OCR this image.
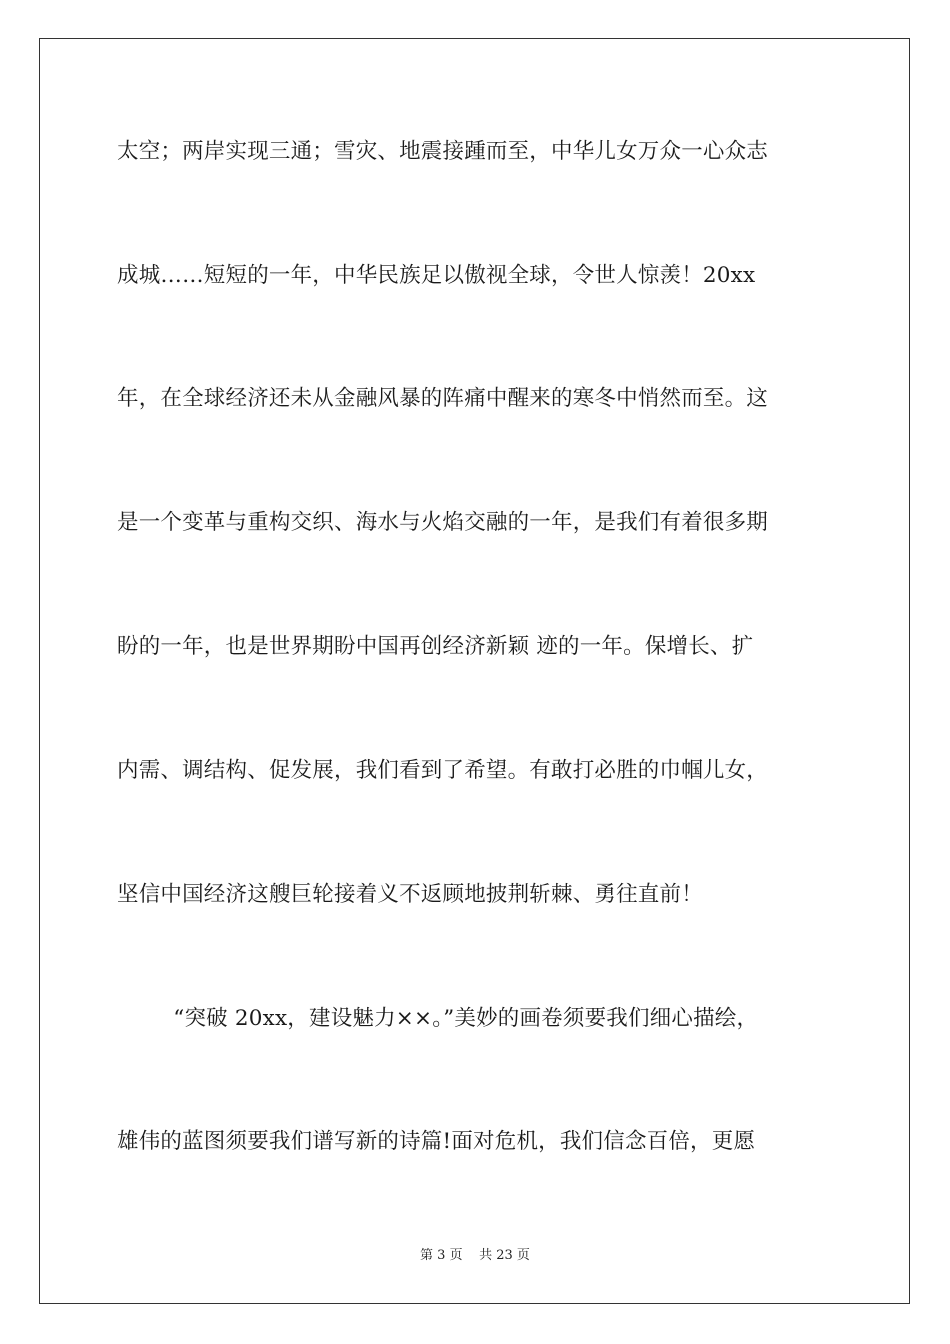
太空；两岸实现三通；雪灾、地震接踵而至，中华儿女万众一心众志
成城……短短的一年，中华民族足以傲视全球，令世人惊羡！20xx
年，在全球经济还未从金融风暴的阵痛中醒来的寒冬中悄然而至。这
是一个变革与重构交织、海水与火焰交融的一年，是我们有着很多期
盼的一年，也是世界期盼中国再创经济新颖 迹的一年。保增长、扩
内需、调结构、促发展，我们看到了希望。有敢打必胜的巾帼儿女，
坚信中国经济这艘巨轮接着义不返顾地披荆斩棘、勇往直前！
“突破 20xx，建设魅力××。”美妙的画卷须要我们细心描绘，
雄伟的蓝图须要我们谱写新的诗篇!面对危机，我们信念百倍，更愿
第 3 页 共 23 页
